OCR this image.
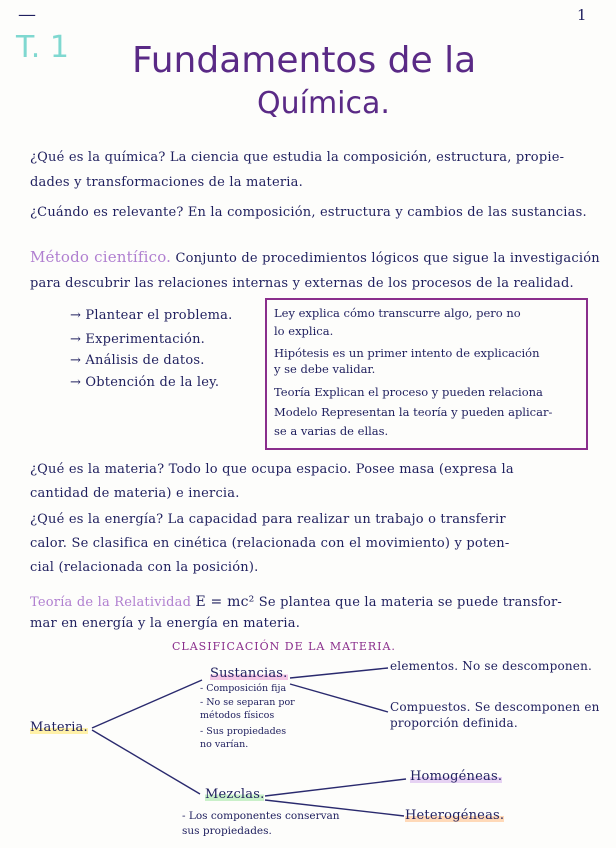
—	1
T. 1 Fundamentos de la
Química.
¿Qué es la química? La ciencia que estudia la composición, estructura, propie-
dades y transformaciones de la materia.
¿Cuándo es relevante? En la composición, estructura y cambios de las sustancias.
Método científico. Conjunto de procedimientos lógicos que sigue la investigación
para descubrir las relaciones internas y externas de los procesos de la realidad.
→ Plantear el problema.
→ Experimentación.
→ Análisis de datos.
→ Obtención de la ley.
Ley explica cómo transcurre algo, pero no
lo explica.
Hipótesis es un primer intento de explicación
y se debe validar.
Teoría Explican el proceso y pueden relaciona
Modelo Representan la teoría y pueden aplicar-
se a varias de ellas.
¿Qué es la materia? Todo lo que ocupa espacio. Posee masa (expresa la
cantidad de materia) e inercia.
¿Qué es la energía? La capacidad para realizar un trabajo o transferir
calor. Se clasifica en cinética (relacionada con el movimiento) y poten-
cial (relacionada con la posición).
Teoría de la Relatividad E = mc² Se plantea que la materia se puede transfor-
mar en energía y la energía en materia.
CLASIFICACIÓN DE LA MATERIA.
Materia.
Sustancias.
- Composición fija
- No se separan por
métodos físicos
- Sus propiedades
no varían.
elementos. No se descomponen.
Compuestos. Se descomponen en
proporción definida.
Mezclas.
- Los componentes conservan
sus propiedades.
Homogéneas.
Heterogéneas.
